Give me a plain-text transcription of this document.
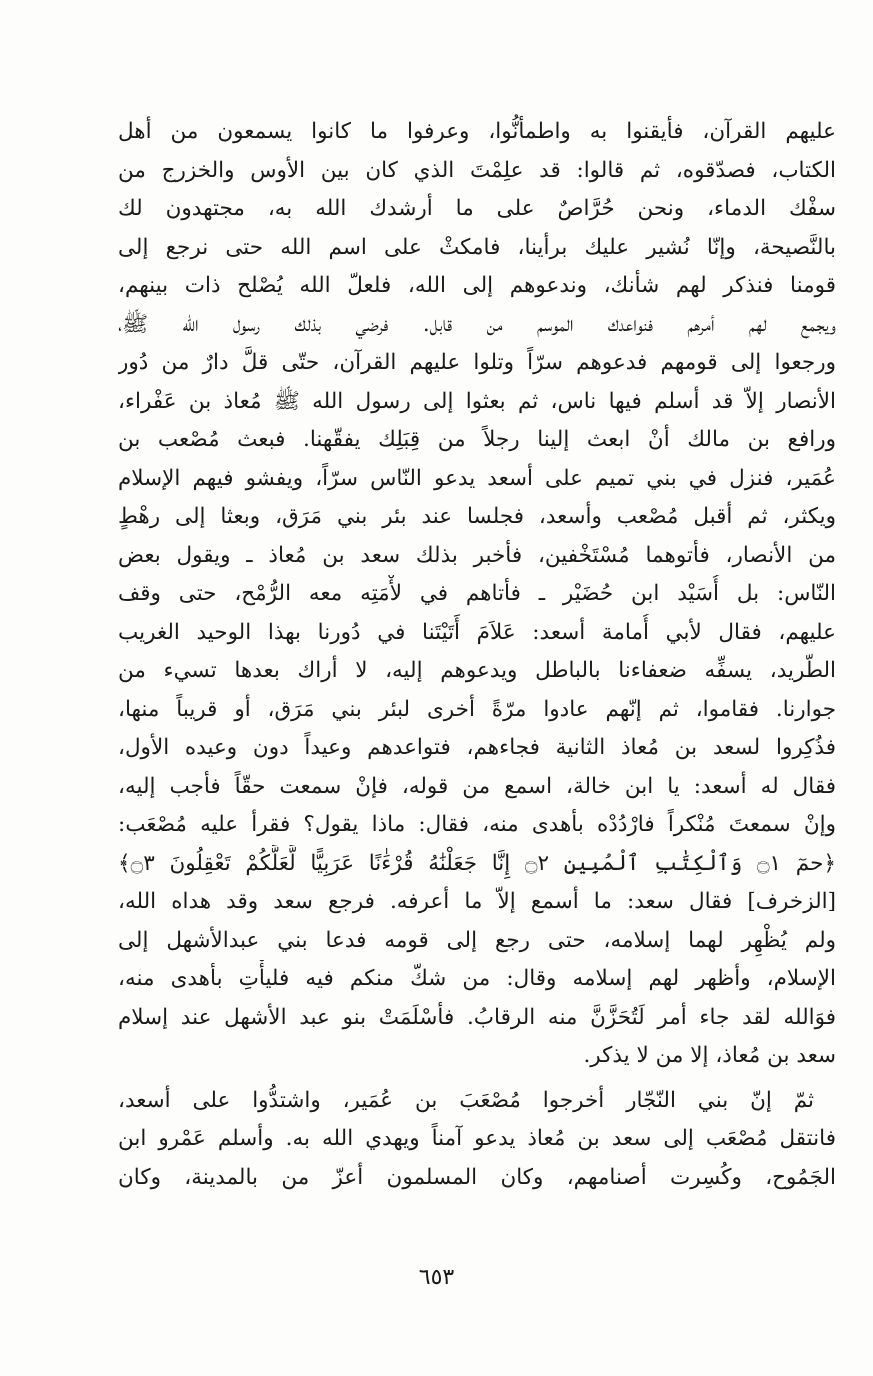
عليهم القرآن، فأيقنوا به واطمأنُّوا، وعرفوا ما كانوا يسمعون من أهل
الكتاب، فصدّقوه، ثم قالوا: قد علِمْتَ الذي كان بين الأوس والخزرج من
سفْك الدماء، ونحن حُرَّاصٌ على ما أرشدك الله به، مجتهدون لك
بالنَّصيحة، وإنّا نُشير عليك برأينا، فامكثْ على اسم الله حتى نرجع إلى
قومنا فنذكر لهم شأنك، وندعوهم إلى الله، فلعلّ الله يُصْلح ذات بينهم،
ويجمع لهم أمرهم فنواعدك الموسم من قابل. فرضي بذلك رسول الله ﷺ،
ورجعوا إلى قومهم فدعوهم سرّاً وتلوا عليهم القرآن، حتّى قلَّ دارٌ من دُور
الأنصار إلاّ قد أسلم فيها ناس، ثم بعثوا إلى رسول الله ﷺ مُعاذ بن عَفْراء،
ورافع بن مالك أنْ ابعث إلينا رجلاً من قِبَلِك يفقّهنا. فبعث مُصْعب بن
عُمَير، فنزل في بني تميم على أسعد يدعو النّاس سرّاً، ويفشو فيهم الإسلام
ويكثر، ثم أقبل مُصْعب وأسعد، فجلسا عند بئر بني مَرَق، وبعثا إلى رهْطٍ
من الأنصار، فأتوهما مُسْتَخْفين، فأخبر بذلك سعد بن مُعاذ ـ ويقول بعض
النّاس: بل أُسَيْد ابن حُضَيْر ـ فأتاهم في لأْمَتِه معه الرُّمْح، حتى وقف
عليهم، فقال لأبي أُمامة أسعد: عَلاَمَ أَتَيْتَنا في دُورنا بهذا الوحيد الغريب
الطّريد، يسفِّه ضعفاءنا بالباطل ويدعوهم إليه، لا أراك بعدها تسيء من
جوارنا. فقاموا، ثم إنّهم عادوا مرّةً أخرى لبئر بني مَرَق، أو قريباً منها،
فذُكِروا لسعد بن مُعاذ الثانية فجاءهم، فتواعدهم وعيداً دون وعيده الأول،
فقال له أسعد: يا ابن خالة، اسمع من قوله، فإنْ سمعت حقّاً فأجب إليه،
وإنْ سمعتَ مُنْكراً فارْدُدْه بأهدى منه، فقال: ماذا يقول؟ فقرأ عليه مُصْعَب:
﴿حمٓ ۝١ وَٱلْكِتَٰبِ ٱلْمُبِينِ ۝٢ إِنَّا جَعَلْنَٰهُ قُرْءَٰنًا عَرَبِيًّا لَّعَلَّكُمْ تَعْقِلُونَ ۝٣﴾
[الزخرف] فقال سعد: ما أسمع إلاّ ما أعرفه. فرجع سعد وقد هداه الله،
ولم يُظْهِر لهما إسلامه، حتى رجع إلى قومه فدعا بني عبدالأشهل إلى
الإسلام، وأظهر لهم إسلامه وقال: من شكّ منكم فيه فليأْتِ بأهدى منه،
فوَالله لقد جاء أمر لَتُحَزَّنَّ منه الرقابُ. فأسْلَمَتْ بنو عبد الأشهل عند إسلام
سعد بن مُعاذ، إلا من لا يذكر.
ثمّ إنّ بني النّجّار أخرجوا مُصْعَبَ بن عُمَير، واشتدُّوا على أسعد،
فانتقل مُصْعَب إلى سعد بن مُعاذ يدعو آمناً ويهدي الله به. وأسلم عَمْرو ابن
الجَمُوح، وكُسِرت أصنامهم، وكان المسلمون أعزّ من بالمدينة، وكان
٦٥٣
